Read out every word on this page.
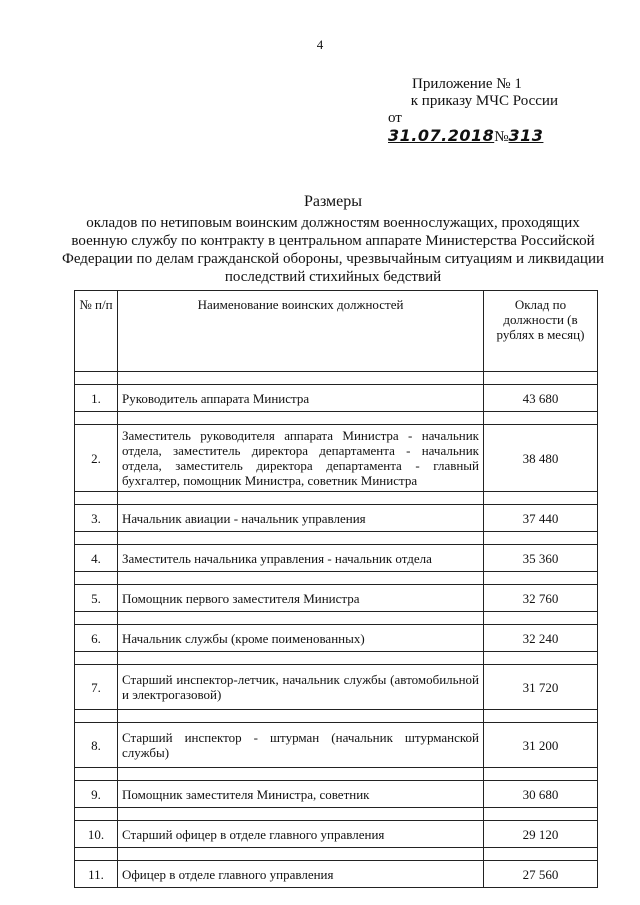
4
Приложение № 1
к приказу МЧС России
от 31.07.2018№313
Размеры
окладов по нетиповым воинским должностям военнослужащих, проходящих военную службу по контракту в центральном аппарате Министерства Российской Федерации по делам гражданской обороны, чрезвычайным ситуациям и ликвидации последствий стихийных бедствий
№ п/п	Наименование воинских должностей	Оклад по должности (в рублях в месяц)

1.	Руководитель аппарата Министра	43 680

2.	Заместитель руководителя аппарата Министра - начальник отдела, заместитель директора департамента - начальник отдела, заместитель директора департамента - главный бухгалтер, помощник Министра, советник Министра	38 480

3.	Начальник авиации - начальник управления	37 440

4.	Заместитель начальника управления - начальник отдела	35 360

5.	Помощник первого заместителя Министра	32 760

6.	Начальник службы (кроме поименованных)	32 240

7.	Старший инспектор-летчик, начальник службы (автомобильной и электрогазовой)	31 720

8.	Старший инспектор - штурман (начальник штурманской службы)	31 200

9.	Помощник заместителя Министра, советник	30 680

10.	Старший офицер в отделе главного управления	29 120

11.	Офицер в отделе главного управления	27 560
